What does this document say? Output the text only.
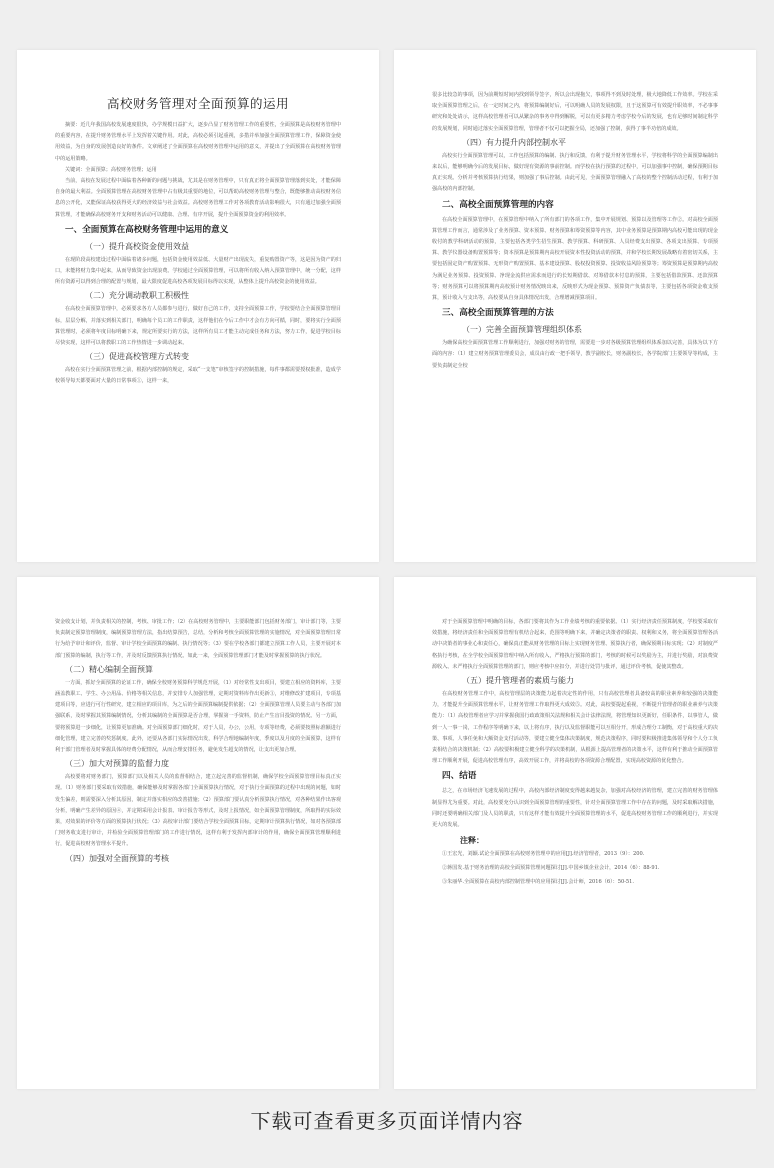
高校财务管理对全面预算的运用

摘要：近几年我国高校发展速度很快，办学规模日益扩大，逐步凸显了财务管理工作的重要性，全面预算是高校财务管理中的重要内容，在提升财务管理水平上发挥着关键作用。对此，高校必须引起重视，多措并举加强全面预算管理工作，保障资金使用效益，为自身的发展创造良好的条件。文章阐述了全面预算在高校财务管理中运用的意义，并提出了全面预算在高校财务管理中的运用策略。

关键词：全面预算；高校财务管理；运用

当前，高校在发展过程中面临着各种新的问题与挑战，尤其是在财务管理中，只有真正将全面预算管理落到实处，才能保障自身的最大利益。全面预算管理在高校财务管理中占有极其重要的地位，可以帮助高校财务管理与整合，既能够推动高校财务信息的公开化，又能保证高校获得更大的经济效益与社会效益。高校财务管理工作对各项教育活动影响很大，只有通过加强全面预算管理，才能确保高校财务开支和财务活动可以健康、合理、有序开展，提升全面预算资金的利用效率。

一、全面预算在高校财务管理中运用的意义
（一）提升高校资金使用效益

在现阶段高校建设过程中面临着诸多问题，包括资金使用效益低、大量财产出现流失，重复购置资产等，这是因为资产的归口，未能将财力集中起来，从而导致资金出现浪费。学校通过全面预算管理，可以将所有收入纳入预算管理中，统一分配，这样所有资源可以得到合理的配置与规划，最大限度促进高校各项发展目标得以实现，从整体上提升高校资金的使用效益。

（二）充分调动教职工积极性

在高校全面预算管理中，必须要求各方人员都参与进行，做好自己的工作，支持全面预算工作，学校要结合全面预算管理目标，层层分解，并落实到相关部门，明确每个员工的工作职责，这样他们在今后工作中才会有方向可循，同时，要将实行全面预算管理时，必须将年度目标明确下来，规定所要实行的方法，这样所有员工才能主动完成任务和方法，努力工作，促进学校目标尽快实现，这样可以将教职工的工作热情进一步调动起来。

（三）促进高校管理方式转变

高校在实行全面预算管理之前，根据内部控制的规定，采取“一支笔”审核签字的控制措施，每件事都需要授权批准，造成学校领导每天都要面对大量的日常事项①，这样一来，

很多比较急的事项，因为前期短时间内找到领导签字，所以会出现拖欠，事项得不到及时处理，极大地降低工作效率。学校在采取全面预算管理之后，在一定时间之内，将预算编制好后，可以明确人员的发展权限，且于这预算可有效提升职效率，不必事事研究和处处请示，这样高校管理者可以从繁杂的事务中得到解脱，可以有更多精力考虑学校今后的发展，也有足够时间制定科学的发展规划，同时通过落实全面预算管理，管理者不仅可以把握全局，还加强了控制，获得了事半功倍的成效。

（四）有力提升内部控制水平

高校实行全面预算管理可以，工作包括预算的编制、执行和反馈，有利于提升财务管理水平，学校将科学的全面预算编制出来以后，能够明确今后的发展目标，做好现有资源的事前控制。而学校在执行预算的过程中，可以加强事中控制，确保预期目标真正实现。分析并考核预算执行结果，则加强了事后控制。由此可见，全面预算管理融入了高校的整个控制活动过程，有利于加强高校的内部控制。

二、高校全面预算管理的内容

在高校全面预算管理中，在预算管理中纳入了所有部门的各项工作，集中开展规划、预算以及管理等工作②。对高校全面预算管理工作而言，通常涉及了业务预算、资本预算、财务预算和筹资预算等内容，其中业务预算是预算期内高校可能出现的现金收付的教学科研活动的预算，主要包括各类学生招生预算、教学预算、科研预算、人员经费支出预算、各项支出预算、专项预算、教学仪器设备购置预算等；资本预算是预算期内高校开展资本性投资活动的预算，并和学校长期发展战略有着密切关系，主要包括固定资产购置预算、无形资产购置预算、基本建设预算、股权投资预算、投资收益风险预算等；筹资预算是预算期内高校为满足业务预算、投资预算、净现金流供应需求而进行的长短期借款、对筹借款本付息的预算，主要包括借款预算、还款预算等；财务预算可以将预算期内高校预计财务情况映出来，反映形式为现金预算、预算资产负债表等，主要包括各项资金收支预算，预计收入与支出等，高校要从自身具体情况出发，合理增减预算项目。

三、高校全面预算管理的方法
（一）完善全面预算管理组织体系

为确保高校全面预算管理工作顺利进行，加强对财务的管理，需要进一步对各级预算管理组织体系加以完善，具体为以下方面的内容：（1）建立财务预算管理委员会，成员由行政一把手领导，教学副校长，财务副校长，各学院部门主要领导等构成，主要负责制定全校

资金收支计划，并负责相关的控制，考核、审批工作；（2）在高校财务管理中，主要职能部门包括财务部门，审计部门等，主要负责制定预算管理制度，编制预算管理方法，指出结算预告，总结，分析和考核全面预算管理的实施情况，对全面预算管理日常行为给予审计和评价，监督、审计学校全面预算的编制、执行情况等；（3）要在学校各部门都建立预算工作人员，主要开展对本部门预算的编制，执行等工作，并及时反馈预算执行情况。如此一来，全面预算管理部门才能及时掌握预算的执行状况。

（二）精心编制全面预算

一方面，抓好全面预算的论证工作，确保全校财务预算科学规范开展，（1）对经常性支出项目，要建立相应的资料库，主要涵盖教职工、学生、办公用品、价格等相关信息，并安排专人加强管理，定期对资料库作出更新③，对维修改扩建项目，专项基建项目等，应进行可行性研究，建立相应的项目库，为之后的全面预算编制提供依据；（2）全面预算管理人员要主动与各部门加强联系，及时掌握其预算编制情况，分析其编制的全面预算是否合理，掌握第一手资料，防止产生盲目投资的情况。另一方面，要将预算进一步细化，让预算更加准确。对全面预算部门细化时，对于人员，办公，公用，专项等经费，必须要按照标准额进行细化管理，建立完善的奖惩制度。此外，还要从各部门实际情况出发，科学合理地编制年度，季度以及月度的全面预算，这样有利于部门管理者及时掌握具体的经费分配情况，从而合理安排任务，避免发生超支的情况，让支出更加合理。

（三）加大对预算的监督力度

高校要将对财务部门，预算部门以及相关人员的监督相结合，建立起完善的监督机制，确保学校全面预算管理目标真正实现。（1）财务部门要采取有效措施，确保能够及时掌握各部门全面预算执行情况，对于执行全面预算的过程中出现的问题，如时发生偏差，则需要深入分析其原因，制定并落实相应的改善措施；（2）预算部门要认真分析预算执行情况，对各种结果作出客观分析，明确产生差异的原因④，并定期采用会计报表、审计报告等形式，及时上报情况，如全面预算管理制度，所取得的实际效果，对效果的评价等方面的预算执行状况；（3）高校审计部门要结合学校全面预算目标，定期审计预算执行情况，如对各预算部门财务收支进行审计，并检验全面预算管理部门的工作进行情况，这样有利于发挥内部审计的作用，确保全面预算管理顺利进行，促进高校财务管理水平提升。

（四）加强对全面预算的考核

对于全面预算管理中明确的目标，各部门要将其作为工作业绩考核的重要依据。（1）实行经济责任预算制度，学校要采取有效措施，将经济责任和全面预算管理有机结合起来，范围等明确下来，并确定决策者的职责、权利和义务，将全面预算管理各活动中决策者的事业心和责任心，确保真正能从财务管理的目标上实现财务管理、预算执行者，确保预期目标实现；（2）对制度严格执行考核，在全学校全面预算管理中纳入所有收入，严格执行预算的部门，考核的时候可以奖励为主，并进行奖励，对浪费资源收入、未严格执行全面预算管理的部门，则应考核中应扣分，并进行处罚与批评，通过评价考核，促使其整改。

（五）提升管理者的素质与能力

在高校财务管理工作中，高校管理层的决策能力起着决定性的作用，只有高校管理者具备较高的职业素养和较强的决策能力，才能提升全面预算管理水平，让财务管理工作取得更大成效⑤。对此，高校要提起重视，不断提升管理者的职业素养与决策能力：（1）高校管理者应学习并掌握我国行政政策相关法规和相关会计法律法规，将管理知识更新好，任职条件，以事管人，做到一人一事一岗，工作程序等明确下来，以上将有序，执行以及监督职能可以互相分开，形成合理分工制衡，对于高校重大的决策、事项、人事任免和大额资金支付活动等，要建立健全集体决策制度，规范决策程序，同时要积极推进集体领导和个人分工负责相结合的决策机制；（2）高校要积极建立健全科学的决策机制，从根源上提高管理者的决策水平，这样有利于推动全面预算管理工作顺利开展，促进高校管理有序，高效开展工作，并将高校的各项资源合理配置，实现高校资源的优化整合。

四、结语

总之，在市场经济飞速发展的过程中，高校内部经济制度变得越来越复杂，加强对高校经济的管理，建立完善的财务管理体制显得尤为重要。对此，高校要充分认识到全面预算管理的重要性，针对全面预算管理工作中存在的问题，及时采取解决措施，同时还要明确相关部门及人员的职责，只有这样才能有效提升全面预算管理的水平，促进高校财务管理工作的顺利进行，并实现更大的发展。

注释：

①王宏光，刘颖.试论全面预算在高校财务管理中的应用[J].经济管理者，2013（9）：200.

②蒋国发.基于财务治理的高校全面预算管理问题探讨[J].中国乡镇企业会计，2014（6）：88-91.

③朱丽华.全面预算在高校内部控制管理中的应用探讨[J].会计师，2016（6）：50-51.

下载可查看更多页面详情内容
